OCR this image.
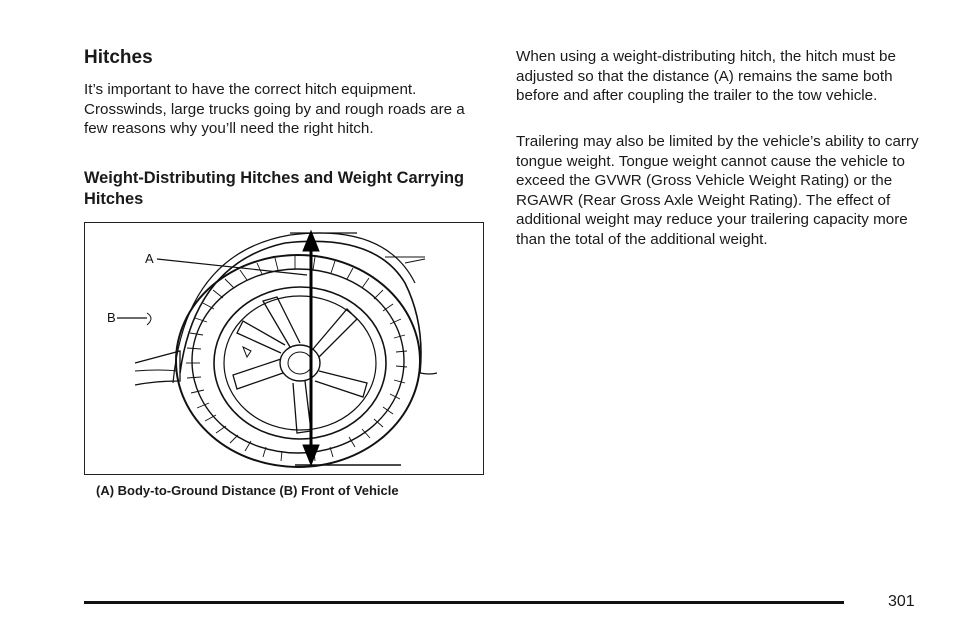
Hitches

It’s important to have the correct hitch equipment. Crosswinds, large trucks going by and rough roads are a few reasons why you’ll need the right hitch.

Weight-Distributing Hitches and Weight Carrying Hitches
A
B

(A) Body-to-Ground Distance (B) Front of Vehicle

When using a weight-distributing hitch, the hitch must be adjusted so that the distance (A) remains the same both before and after coupling the trailer to the tow vehicle.

Trailering may also be limited by the vehicle’s ability to carry tongue weight. Tongue weight cannot cause the vehicle to exceed the GVWR (Gross Vehicle Weight Rating) or the RGAWR (Rear Gross Axle Weight Rating). The effect of additional weight may reduce your trailering capacity more than the total of the additional weight.

301
